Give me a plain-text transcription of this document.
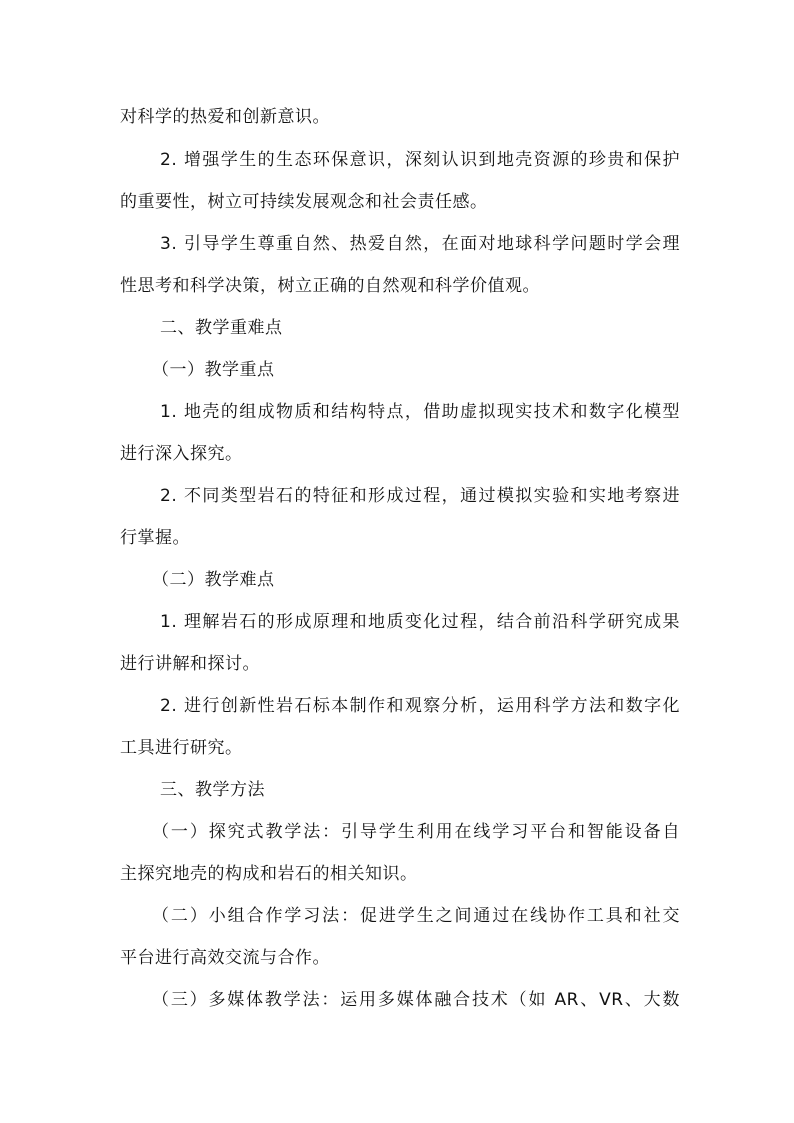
对科学的热爱和创新意识。
2. 增强学生的生态环保意识，深刻认识到地壳资源的珍贵和保护
的重要性，树立可持续发展观念和社会责任感。
3. 引导学生尊重自然、热爱自然，在面对地球科学问题时学会理
性思考和科学决策，树立正确的自然观和科学价值观。
二、教学重难点
（一）教学重点
1. 地壳的组成物质和结构特点，借助虚拟现实技术和数字化模型
进行深入探究。
2. 不同类型岩石的特征和形成过程，通过模拟实验和实地考察进
行掌握。
（二）教学难点
1. 理解岩石的形成原理和地质变化过程，结合前沿科学研究成果
进行讲解和探讨。
2. 进行创新性岩石标本制作和观察分析，运用科学方法和数字化
工具进行研究。
三、教学方法
（一）探究式教学法：引导学生利用在线学习平台和智能设备自
主探究地壳的构成和岩石的相关知识。
（二）小组合作学习法：促进学生之间通过在线协作工具和社交
平台进行高效交流与合作。
（三）多媒体教学法：运用多媒体融合技术（如 AR、VR、大数
